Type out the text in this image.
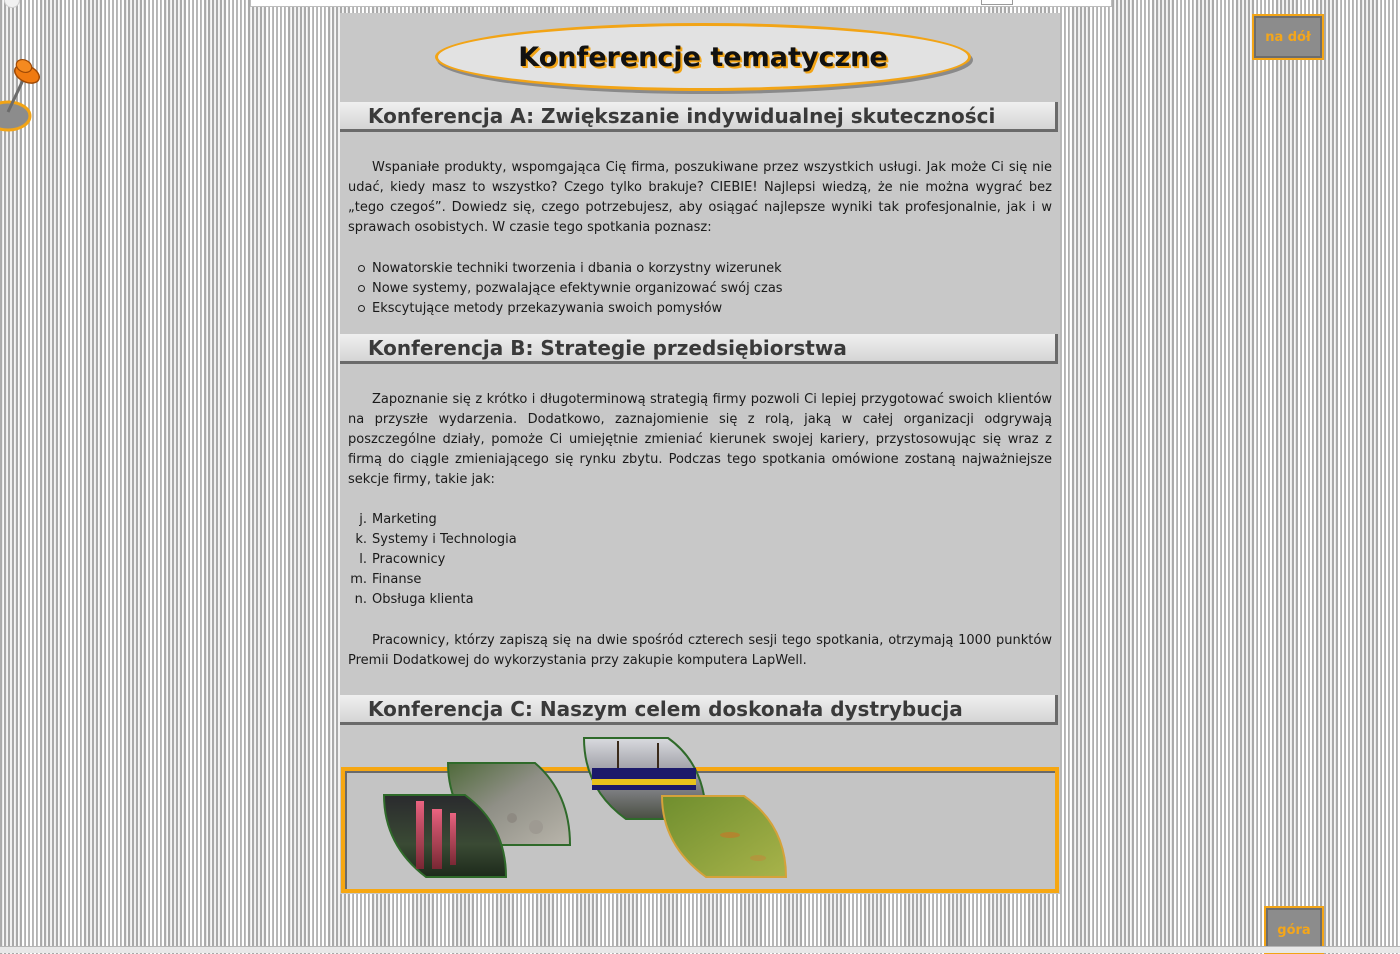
Konferencje tematyczne
Konferencja A: Zwiększanie indywidualnej skuteczności

Wspaniałe produkty, wspomgająca Cię firma, poszukiwane przez wszystkich usługi. Jak może Ci się nie udać, kiedy masz to wszystko? Czego tylko brakuje? CIEBIE! Najlepsi wiedzą, że nie można wygrać bez „tego czegoś”. Dowiedz się, czego potrzebujesz, aby osiągać najlepsze wyniki tak profesjonalnie, jak i w sprawach osobistych. W czasie tego spotkania poznasz:

Nowatorskie techniki tworzenia i dbania o korzystny wizerunek
Nowe systemy, pozwalające efektywnie organizować swój czas
Ekscytujące metody przekazywania swoich pomysłów
Konferencja B: Strategie przedsiębiorstwa

Zapoznanie się z krótko i długoterminową strategią firmy pozwoli Ci lepiej przygotować swoich klientów na przyszłe wydarzenia. Dodatkowo, zaznajomienie się z rolą, jaką w całej organizacji odgrywają poszczególne działy, pomoże Ci umiejętnie zmieniać kierunek swojej kariery, przystosowując się wraz z firmą do ciągle zmieniającego się rynku zbytu. Podczas tego spotkania omówione zostaną najważniejsze sekcje firmy, takie jak:

j. Marketing
k. Systemy i Technologia
l. Pracownicy
m. Finanse
n. Obsługa klienta

Pracownicy, którzy zapiszą się na dwie spośród czterech sesji tego spotkania, otrzymają 1000 punktów Premii Dodatkowej do wykorzystania przy zakupie komputera LapWell.

Konferencja C: Naszym celem doskonała dystrybucja
na dół
góra
